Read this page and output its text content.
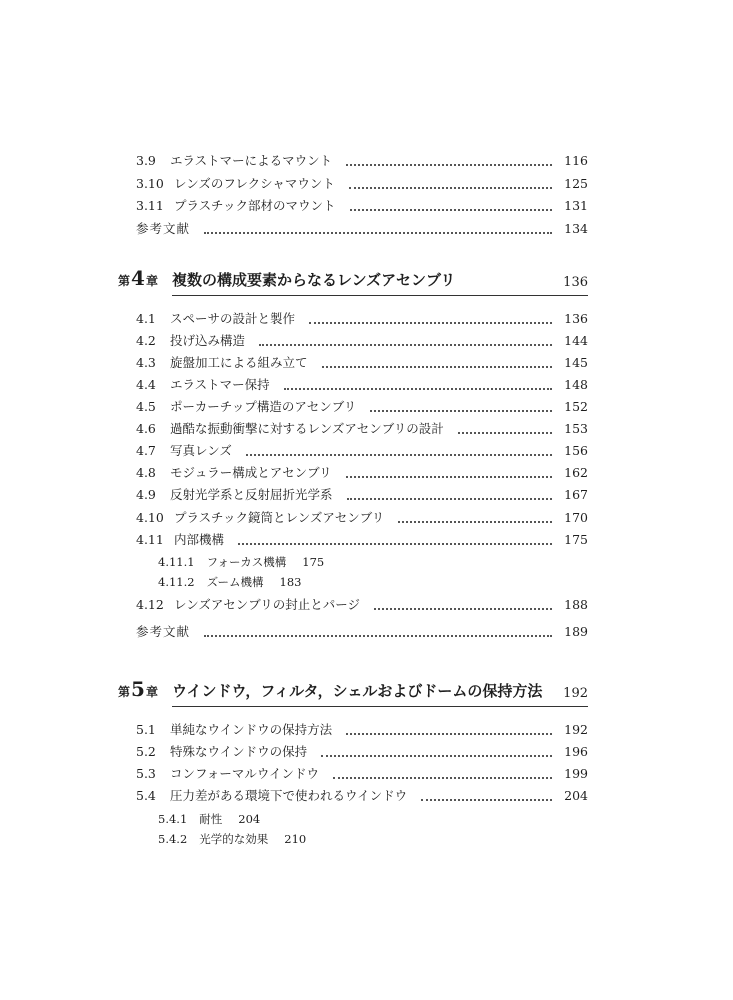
3.9	エラストマーによるマウント	116
3.10 レンズのフレクシャマウント	125
3.11 プラスチック部材のマウント	131
参考文献	134
第4章 複数の構成要素からなるレンズアセンブリ	136
4.1	スペーサの設計と製作	136
4.2	投げ込み構造	144
4.3	旋盤加工による組み立て	145
4.4	エラストマー保持	148
4.5	ポーカーチップ構造のアセンブリ	152
4.6	過酷な振動衝撃に対するレンズアセンブリの設計	153
4.7	写真レンズ	156
4.8	モジュラー構成とアセンブリ	162
4.9	反射光学系と反射屈折光学系	167
4.10 プラスチック鏡筒とレンズアセンブリ	170
4.11 内部機構	175
4.11.1 フォーカス機構 175
4.11.2 ズーム機構 183
4.12 レンズアセンブリの封止とパージ	188
参考文献	189
第5章 ウインドウ，フィルタ，シェルおよびドームの保持方法 192
5.1	単純なウインドウの保持方法	192
5.2	特殊なウインドウの保持	196
5.3	コンフォーマルウインドウ	199
5.4	圧力差がある環境下で使われるウインドウ	204
5.4.1 耐性 204
5.4.2 光学的な効果 210
